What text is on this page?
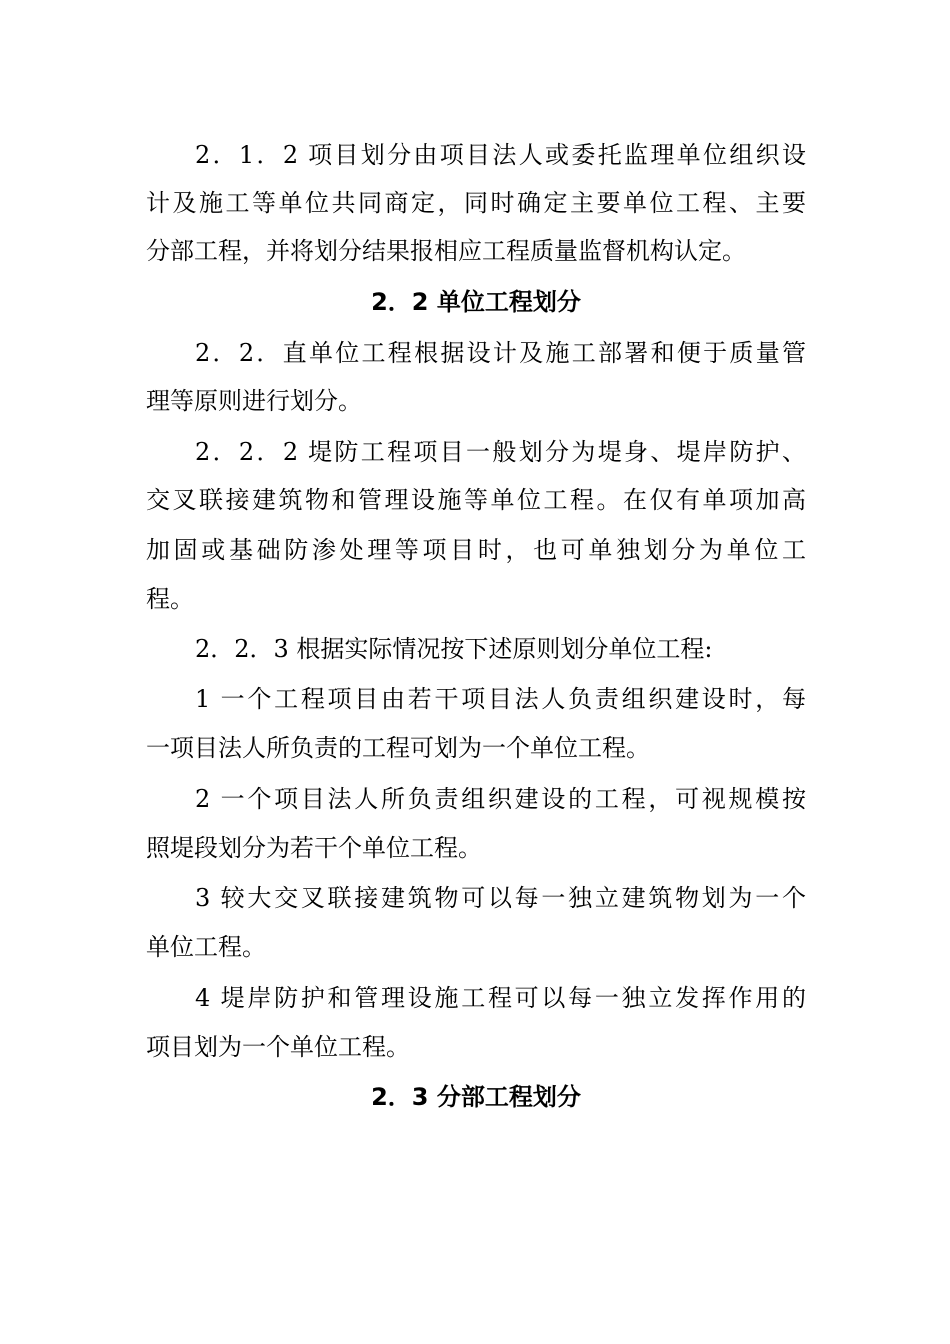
2．1．2 项目划分由项目法人或委托监理单位组织设

计及施工等单位共同商定，同时确定主要单位工程、主要

分部工程，并将划分结果报相应工程质量监督机构认定。

2．2 单位工程划分

2．2．直单位工程根据设计及施工部署和便于质量管

理等原则进行划分。

2．2．2 堤防工程项目一般划分为堤身、堤岸防护、

交叉联接建筑物和管理设施等单位工程。在仅有单项加高

加固或基础防渗处理等项目时，也可单独划分为单位工

程。

2．2．3 根据实际情况按下述原则划分单位工程:

1 一个工程项目由若干项目法人负责组织建设时，每

一项目法人所负责的工程可划为一个单位工程。

2 一个项目法人所负责组织建设的工程，可视规模按

照堤段划分为若干个单位工程。

3 较大交叉联接建筑物可以每一独立建筑物划为一个

单位工程。

4 堤岸防护和管理设施工程可以每一独立发挥作用的

项目划为一个单位工程。

2．3 分部工程划分
